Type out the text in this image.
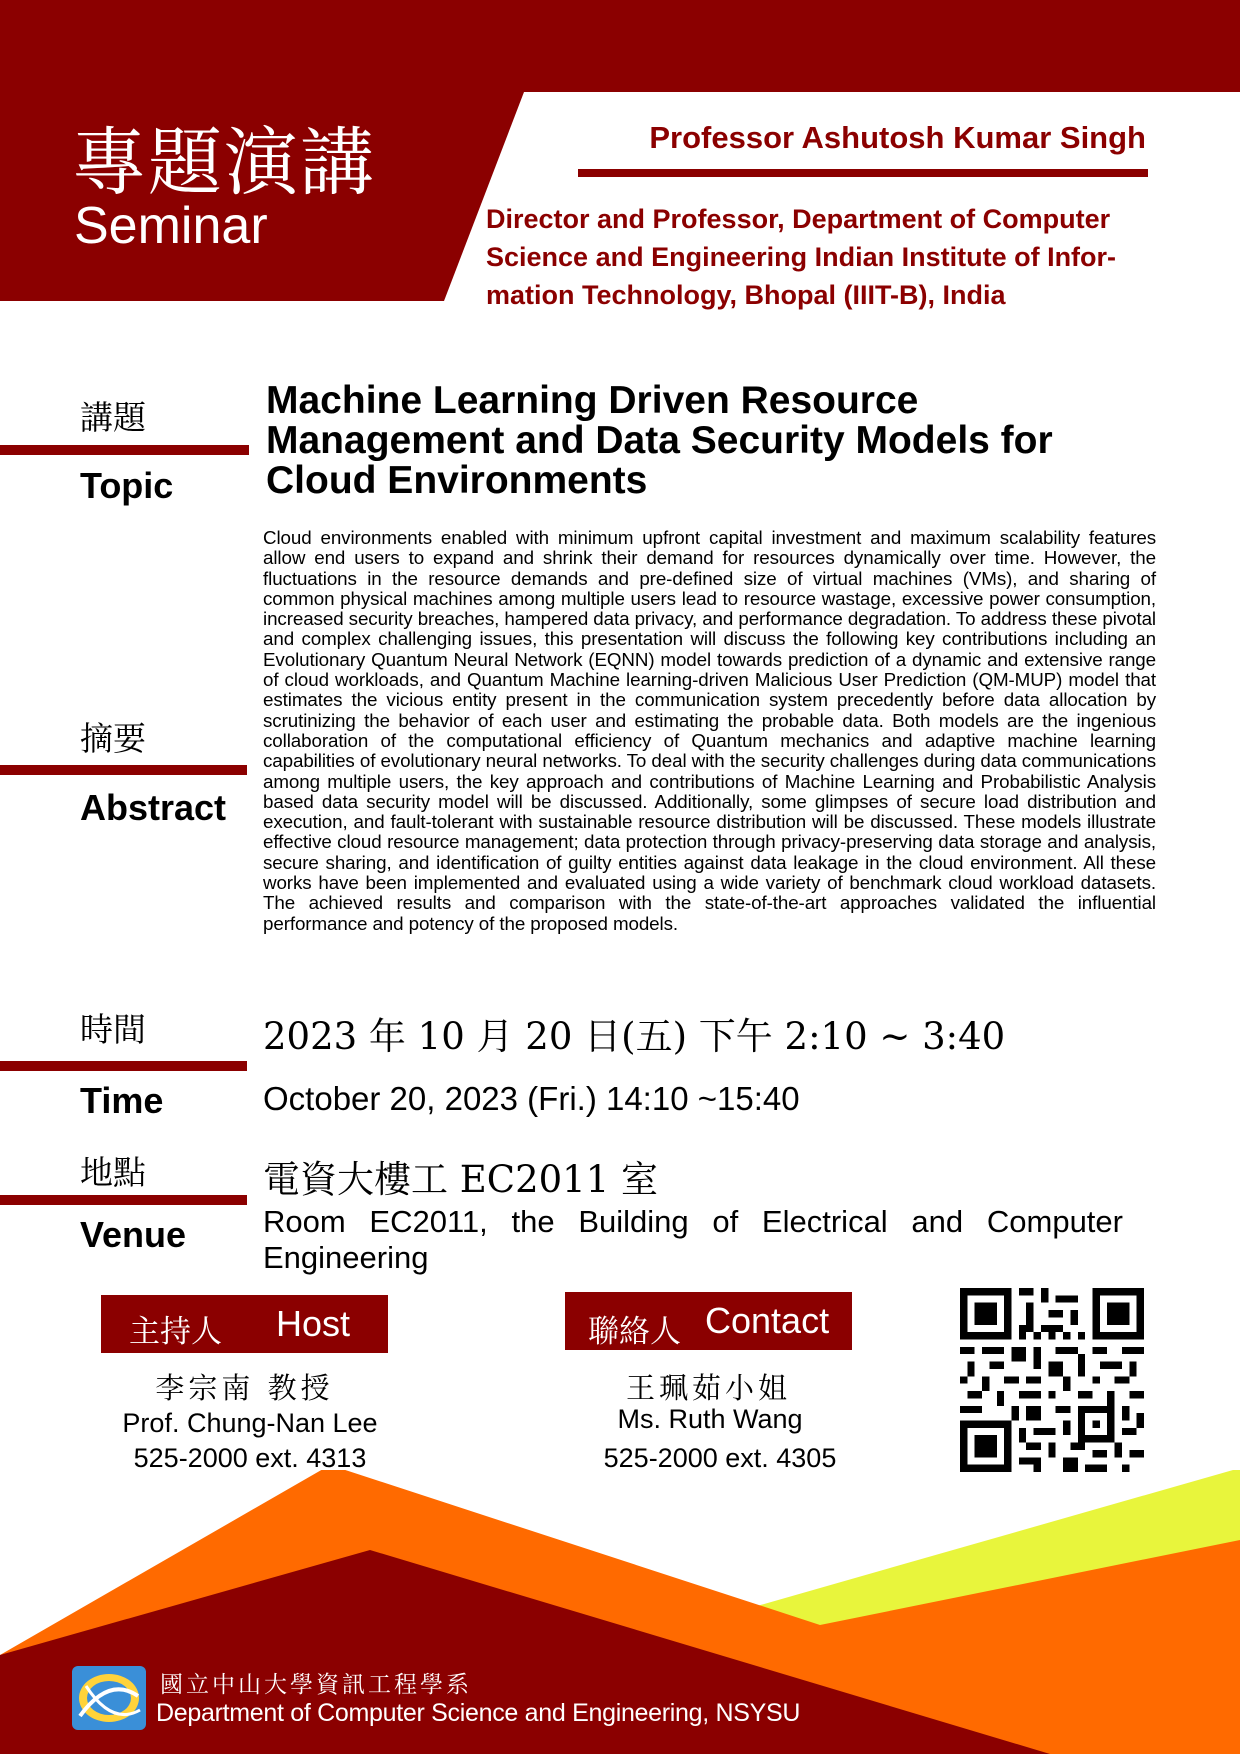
專題演講
Seminar
Professor Ashutosh Kumar Singh
Director and Professor, Department of Computer Science and Engineering Indian Institute of Infor-mation Technology, Bhopal (IIIT-B), India
講題
Topic
Machine Learning Driven Resource Management and Data Security Models for Cloud Environments
Cloud environments enabled with minimum upfront capital investment and maximum scalability features allow end users to expand and shrink their demand for resources dynamically over time. However, the fluctuations in the resource demands and pre-defined size of virtual machines (VMs), and sharing of common physical machines among multiple users lead to resource wastage, excessive power consumption, increased security breaches, hampered data privacy, and performance degradation. To address these pivotal and complex challenging issues, this presentation will discuss the following key contributions including an Evolutionary Quantum Neural Network (EQNN) model towards prediction of a dynamic and extensive range of cloud workloads, and Quantum Machine learning-driven Malicious User Prediction (QM-MUP) model that estimates the vicious entity present in the communication system precedently before data allocation by scrutinizing the behavior of each user and estimating the probable data. Both models are the ingenious collaboration of the computational efficiency of Quantum mechanics and adaptive machine learning capabilities of evolutionary neural networks. To deal with the security challenges during data communications among multiple users, the key approach and contributions of Machine Learning and Probabilistic Analysis based data security model will be discussed. Additionally, some glimpses of secure load distribution and execution, and fault-tolerant with sustainable resource distribution will be discussed. These models illustrate effective cloud resource management; data protection through privacy-preserving data storage and analysis, secure sharing, and identification of guilty entities against data leakage in the cloud environment. All these works have been implemented and evaluated using a wide variety of benchmark cloud workload datasets. The achieved results and comparison with the state-of-the-art approaches validated the influential performance and potency of the proposed models.
摘要
Abstract
時間
Time
2023 年 10 月 20 日(五) 下午 2:10 ~ 3:40
October 20, 2023 (Fri.) 14:10 ~15:40
地點
Venue
電資大樓工 EC2011 室
Room EC2011, the Building of Electrical and Computer Engineering
主持人 Host
李宗南 教授
Prof. Chung-Nan Lee
525-2000 ext. 4313
聯絡人 Contact
王珮茹小姐
Ms. Ruth Wang
525-2000 ext. 4305
國立中山大學資訊工程學系
Department of Computer Science and Engineering, NSYSU
